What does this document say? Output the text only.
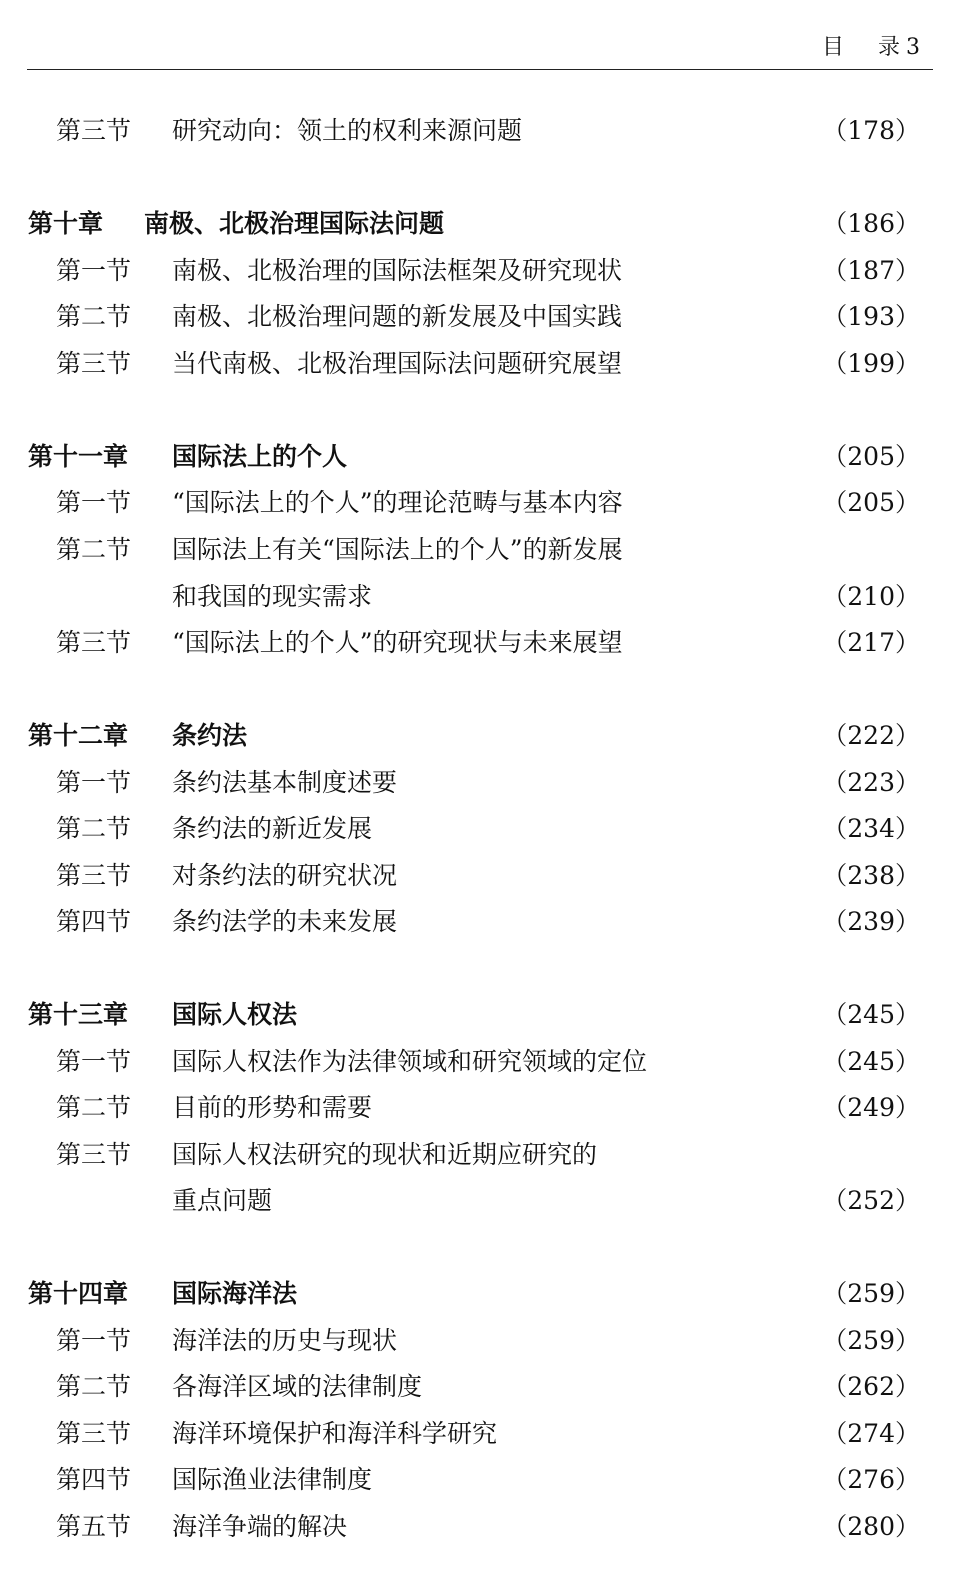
目 录 3
第三节 研究动向：领土的权利来源问题	（178）
第十章 南极、北极治理国际法问题	（186）
第一节 南极、北极治理的国际法框架及研究现状	（187）
第二节 南极、北极治理问题的新发展及中国实践	（193）
第三节 当代南极、北极治理国际法问题研究展望	（199）
第十一章 国际法上的个人	（205）
第一节 “国际法上的个人”的理论范畴与基本内容	（205）
第二节 国际法上有关“国际法上的个人”的新发展
和我国的现实需求	（210）
第三节 “国际法上的个人”的研究现状与未来展望	（217）
第十二章 条约法	（222）
第一节 条约法基本制度述要	（223）
第二节 条约法的新近发展	（234）
第三节 对条约法的研究状况	（238）
第四节 条约法学的未来发展	（239）
第十三章 国际人权法	（245）
第一节 国际人权法作为法律领域和研究领域的定位	（245）
第二节 目前的形势和需要	（249）
第三节 国际人权法研究的现状和近期应研究的
重点问题	（252）
第十四章 国际海洋法	（259）
第一节 海洋法的历史与现状	（259）
第二节 各海洋区域的法律制度	（262）
第三节 海洋环境保护和海洋科学研究	（274）
第四节 国际渔业法律制度	（276）
第五节 海洋争端的解决	（280）
